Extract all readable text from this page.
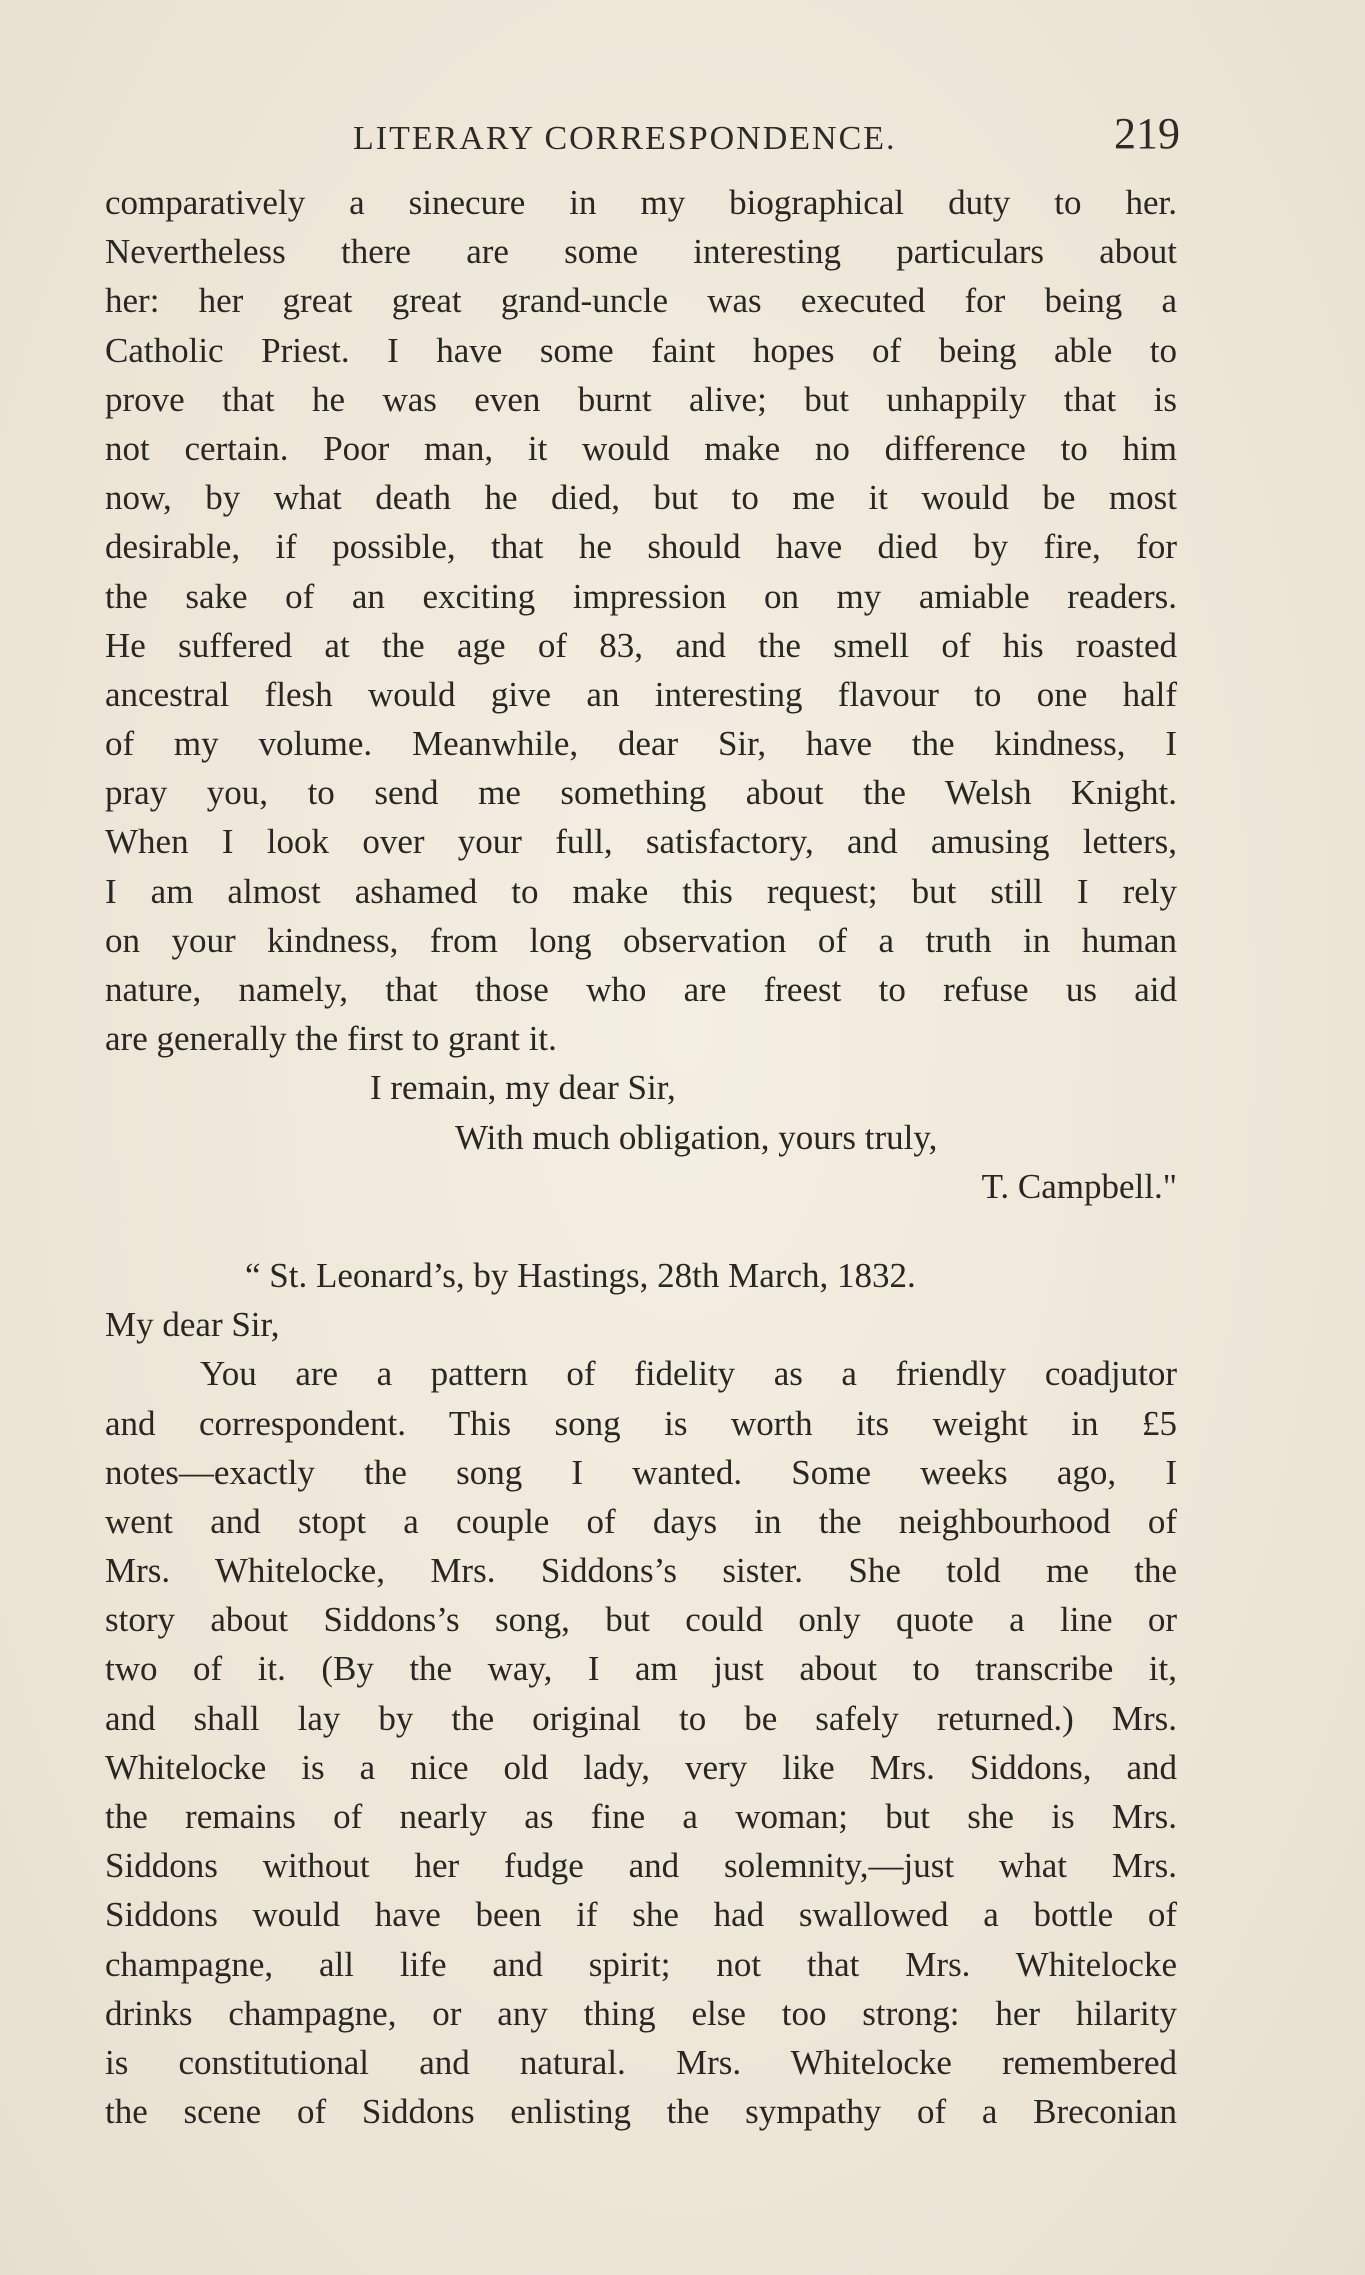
LITERARY CORRESPONDENCE.	219
comparatively a sinecure in my biographical duty to her.
Nevertheless there are some interesting particulars about
her: her great great grand-uncle was executed for being a
Catholic Priest. I have some faint hopes of being able to
prove that he was even burnt alive; but unhappily that is
not certain. Poor man, it would make no difference to him
now, by what death he died, but to me it would be most
desirable, if possible, that he should have died by fire, for
the sake of an exciting impression on my amiable readers.
He suffered at the age of 83, and the smell of his roasted
ancestral flesh would give an interesting flavour to one half
of my volume. Meanwhile, dear Sir, have the kindness, I
pray you, to send me something about the Welsh Knight.
When I look over your full, satisfactory, and amusing letters,
I am almost ashamed to make this request; but still I rely
on your kindness, from long observation of a truth in human
nature, namely, that those who are freest to refuse us aid
are generally the first to grant it.
I remain, my dear Sir,
With much obligation, yours truly,
T. Campbell."
“ St. Leonard’s, by Hastings, 28th March, 1832.
My dear Sir,
You are a pattern of fidelity as a friendly coadjutor
and correspondent. This song is worth its weight in £5
notes—exactly the song I wanted. Some weeks ago, I
went and stopt a couple of days in the neighbourhood of
Mrs. Whitelocke, Mrs. Siddons’s sister. She told me the
story about Siddons’s song, but could only quote a line or
two of it. (By the way, I am just about to transcribe it,
and shall lay by the original to be safely returned.) Mrs.
Whitelocke is a nice old lady, very like Mrs. Siddons, and
the remains of nearly as fine a woman; but she is Mrs.
Siddons without her fudge and solemnity,—just what Mrs.
Siddons would have been if she had swallowed a bottle of
champagne, all life and spirit; not that Mrs. Whitelocke
drinks champagne, or any thing else too strong: her hilarity
is constitutional and natural. Mrs. Whitelocke remembered
the scene of Siddons enlisting the sympathy of a Breconian
